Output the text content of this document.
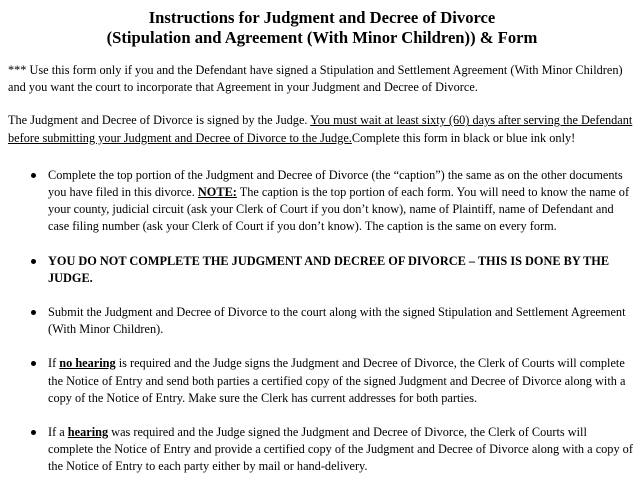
Instructions for Judgment and Decree of Divorce
(Stipulation and Agreement (With Minor Children)) & Form

*** Use this form only if you and the Defendant have signed a Stipulation and Settlement Agreement (With Minor Children) and you want the court to incorporate that Agreement in your Judgment and Decree of Divorce.

The Judgment and Decree of Divorce is signed by the Judge. You must wait at least sixty (60) days after serving the Defendant before submitting your Judgment and Decree of Divorce to the Judge.Complete this form in black or blue ink only!

Complete the top portion of the Judgment and Decree of Divorce (the “caption”) the same as on the other documents you have filed in this divorce. NOTE: The caption is the top portion of each form. You will need to know the name of your county, judicial circuit (ask your Clerk of Court if you don’t know), name of Plaintiff, name of Defendant and case filing number (ask your Clerk of Court if you don’t know). The caption is the same on every form.
YOU DO NOT COMPLETE THE JUDGMENT AND DECREE OF DIVORCE – THIS IS DONE BY THE JUDGE.
Submit the Judgment and Decree of Divorce to the court along with the signed Stipulation and Settlement Agreement (With Minor Children).
If no hearing is required and the Judge signs the Judgment and Decree of Divorce, the Clerk of Courts will complete the Notice of Entry and send both parties a certified copy of the signed Judgment and Decree of Divorce along with a copy of the Notice of Entry. Make sure the Clerk has current addresses for both parties.
If a hearing was required and the Judge signed the Judgment and Decree of Divorce, the Clerk of Courts will complete the Notice of Entry and provide a certified copy of the Judgment and Decree of Divorce along with a copy of the Notice of Entry to each party either by mail or hand-delivery.
